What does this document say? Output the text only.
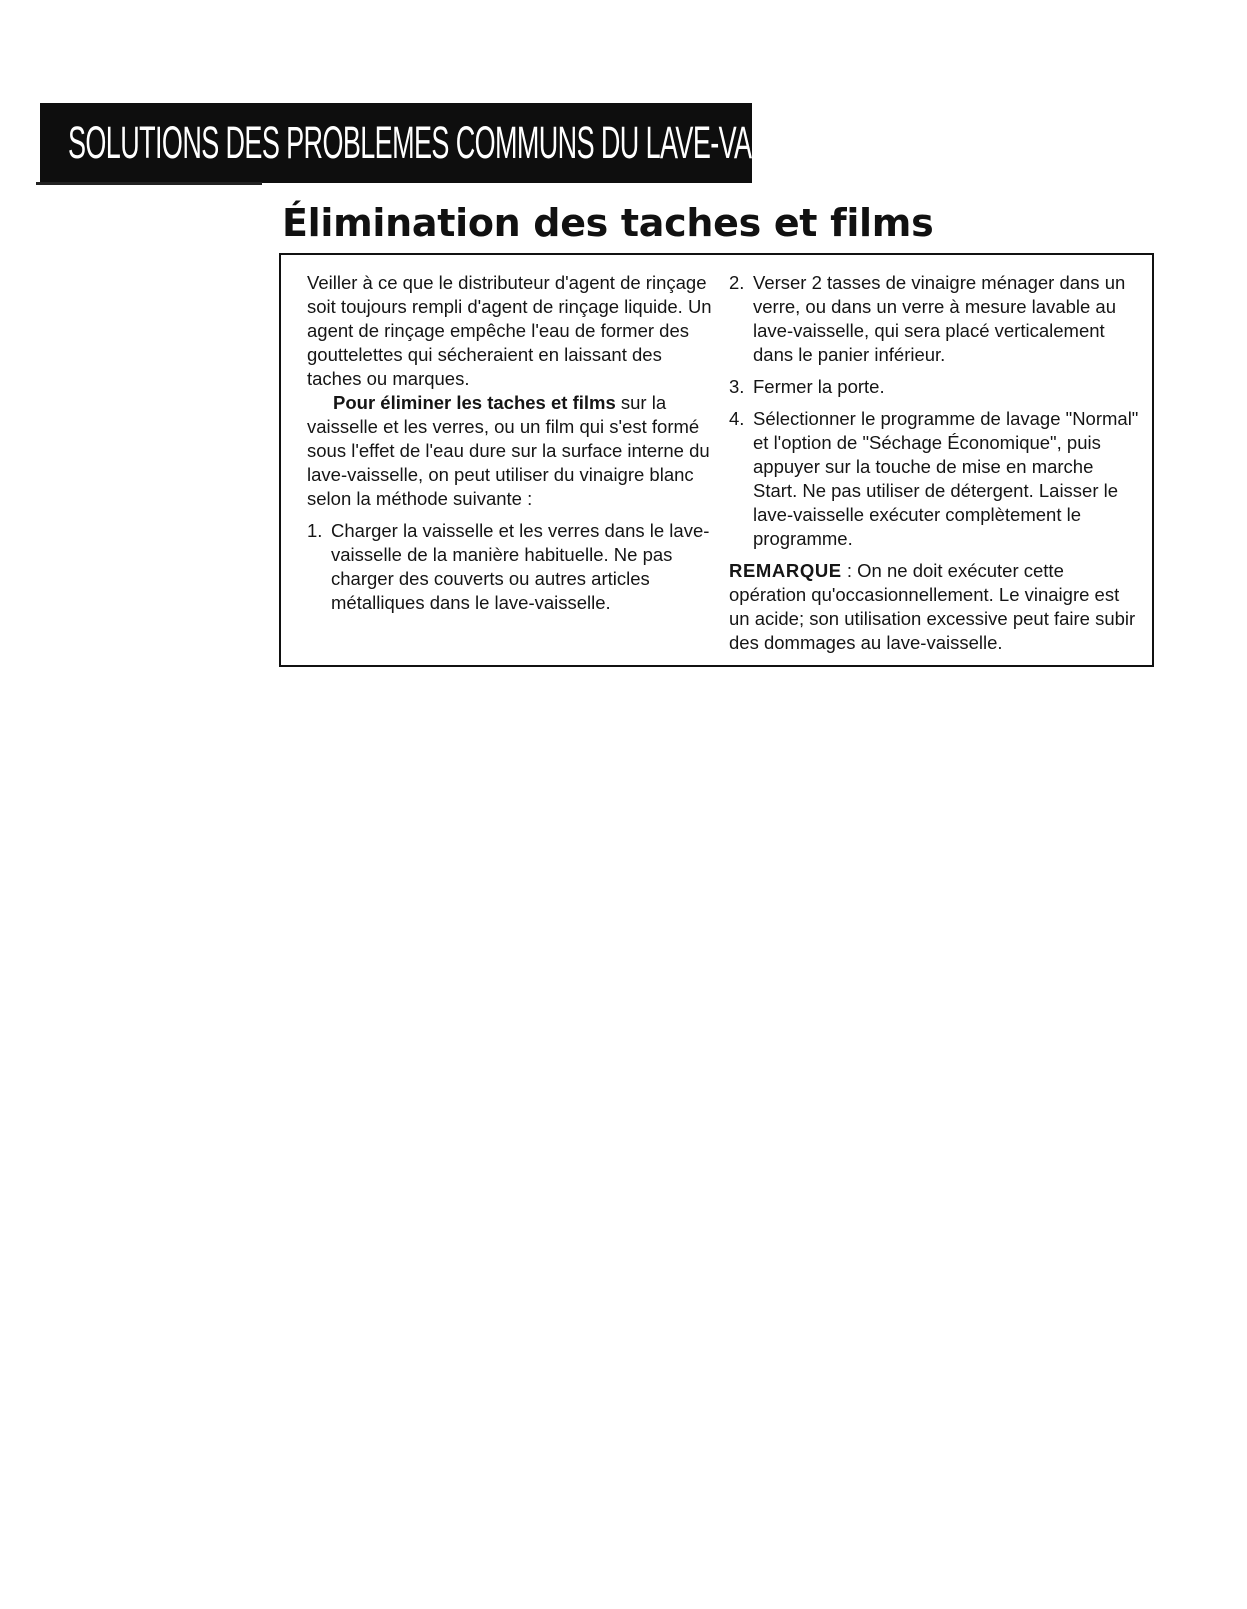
SOLUTIONS DES PROBLEMES COMMUNS DU LAVE-VAISSELLE
Élimination des taches et films

Veiller à ce que le distributeur d'agent de rinçage soit toujours rempli d'agent de rinçage liquide. Un agent de rinçage empêche l'eau de former des gouttelettes qui sécheraient en laissant des taches ou marques.

Pour éliminer les taches et films sur la vaisselle et les verres, ou un film qui s'est formé sous l'effet de l'eau dure sur la surface interne du lave-vaisselle, on peut utiliser du vinaigre blanc selon la méthode suivante :

1. Charger la vaisselle et les verres dans le lave-vaisselle de la manière habituelle. Ne pas charger des couverts ou autres articles métalliques dans le lave-vaisselle.
2. Verser 2 tasses de vinaigre ménager dans un verre, ou dans un verre à mesure lavable au lave-vaisselle, qui sera placé verticalement dans le panier inférieur.
3. Fermer la porte.
4. Sélectionner le programme de lavage "Normal" et l'option de "Séchage Économique", puis appuyer sur la touche de mise en marche Start. Ne pas utiliser de détergent. Laisser le lave-vaisselle exécuter complètement le programme.

REMARQUE : On ne doit exécuter cette opération qu'occasionnellement. Le vinaigre est un acide; son utilisation excessive peut faire subir des dommages au lave-vaisselle.
